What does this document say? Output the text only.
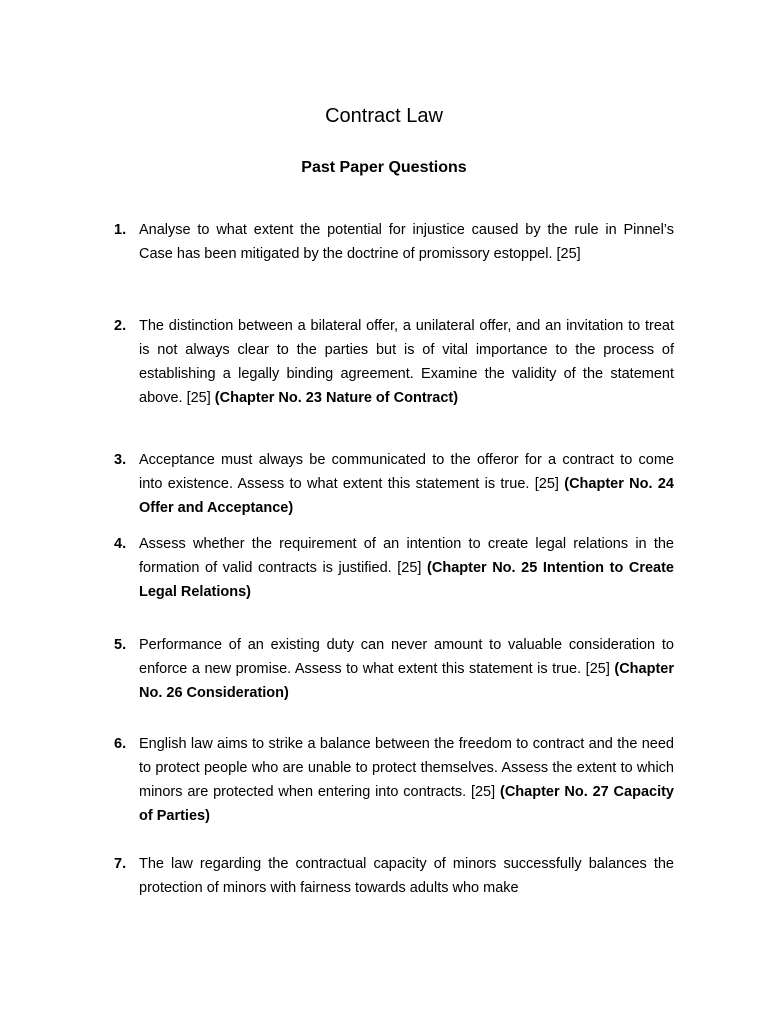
Contract Law
Past Paper Questions
1. Analyse to what extent the potential for injustice caused by the rule in Pinnel’s Case has been mitigated by the doctrine of promissory estoppel. [25]
2. The distinction between a bilateral offer, a unilateral offer, and an invitation to treat is not always clear to the parties but is of vital importance to the process of establishing a legally binding agreement. Examine the validity of the statement above. [25] (Chapter No. 23 Nature of Contract)
3. Acceptance must always be communicated to the offeror for a contract to come into existence. Assess to what extent this statement is true. [25] (Chapter No. 24 Offer and Acceptance)
4. Assess whether the requirement of an intention to create legal relations in the formation of valid contracts is justified. [25] (Chapter No. 25 Intention to Create Legal Relations)
5. Performance of an existing duty can never amount to valuable consideration to enforce a new promise. Assess to what extent this statement is true. [25] (Chapter No. 26 Consideration)
6. English law aims to strike a balance between the freedom to contract and the need to protect people who are unable to protect themselves. Assess the extent to which minors are protected when entering into contracts. [25] (Chapter No. 27 Capacity of Parties)
7. The law regarding the contractual capacity of minors successfully balances the protection of minors with fairness towards adults who make
